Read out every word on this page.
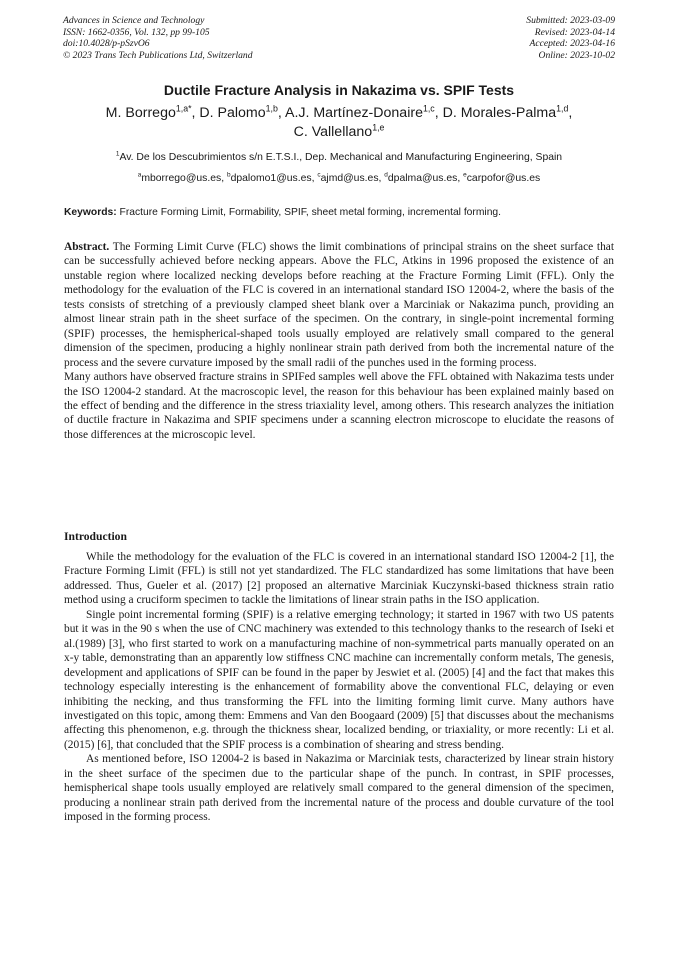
Advances in Science and Technology
ISSN: 1662-0356, Vol. 132, pp 99-105
doi:10.4028/p-pSzvO6
© 2023 Trans Tech Publications Ltd, Switzerland
Submitted: 2023-03-09
Revised: 2023-04-14
Accepted: 2023-04-16
Online: 2023-10-02
Ductile Fracture Analysis in Nakazima vs. SPIF Tests
M. Borrego$^{1,a*}$, D. Palomo$^{1,b}$, A.J. Martínez-Donaire$^{1,c}$, D. Morales-Palma$^{1,d}$,
C. Vallellano$^{1,e}$
$^1$Av. De los Descubrimientos s/n E.T.S.I., Dep. Mechanical and Manufacturing Engineering, Spain
$^a$mborrego@us.es, $^b$dpalomo1@us.es, $^c$ajmd@us.es, $^d$dpalma@us.es, $^e$carpofor@us.es
Keywords: Fracture Forming Limit, Formability, SPIF, sheet metal forming, incremental forming.

Abstract. The Forming Limit Curve (FLC) shows the limit combinations of principal strains on the sheet surface that can be successfully achieved before necking appears. Above the FLC, Atkins in 1996 proposed the existence of an unstable region where localized necking develops before reaching at the Fracture Forming Limit (FFL). Only the methodology for the evaluation of the FLC is covered in an international standard ISO 12004-2, where the basis of the tests consists of stretching of a previously clamped sheet blank over a Marciniak or Nakazima punch, providing an almost linear strain path in the sheet surface of the specimen. On the contrary, in single-point incremental forming (SPIF) processes, the hemispherical-shaped tools usually employed are relatively small compared to the general dimension of the specimen, producing a highly nonlinear strain path derived from both the incremental nature of the process and the severe curvature imposed by the small radii of the punches used in the forming process.

Many authors have observed fracture strains in SPIFed samples well above the FFL obtained with Nakazima tests under the ISO 12004-2 standard. At the macroscopic level, the reason for this behaviour has been explained mainly based on the effect of bending and the difference in the stress triaxiality level, among others. This research analyzes the initiation of ductile fracture in Nakazima and SPIF specimens under a scanning electron microscope to elucidate the reasons of those differences at the microscopic level.

Introduction

While the methodology for the evaluation of the FLC is covered in an international standard ISO 12004-2 [1], the Fracture Forming Limit (FFL) is still not yet standardized. The FLC standardized has some limitations that have been addressed. Thus, Gueler et al. (2017) [2] proposed an alternative Marciniak Kuczynski-based thickness strain ratio method using a cruciform specimen to tackle the limitations of linear strain paths in the ISO application.

Single point incremental forming (SPIF) is a relative emerging technology; it started in 1967 with two US patents but it was in the 90 s when the use of CNC machinery was extended to this technology thanks to the research of Iseki et al.(1989) [3], who first started to work on a manufacturing machine of non-symmetrical parts manually operated on an x-y table, demonstrating than an apparently low stiffness CNC machine can incrementally conform metals, The genesis, development and applications of SPIF can be found in the paper by Jeswiet et al. (2005) [4] and the fact that makes this technology especially interesting is the enhancement of formability above the conventional FLC, delaying or even inhibiting the necking, and thus transforming the FFL into the limiting forming limit curve. Many authors have investigated on this topic, among them: Emmens and Van den Boogaard (2009) [5] that discusses about the mechanisms affecting this phenomenon, e.g. through the thickness shear, localized bending, or triaxiality, or more recently: Li et al. (2015) [6], that concluded that the SPIF process is a combination of shearing and stress bending.

As mentioned before, ISO 12004-2 is based in Nakazima or Marciniak tests, characterized by linear strain history in the sheet surface of the specimen due to the particular shape of the punch. In contrast, in SPIF processes, hemispherical shape tools usually employed are relatively small compared to the general dimension of the specimen, producing a nonlinear strain path derived from the incremental nature of the process and double curvature of the tool imposed in the forming process.
